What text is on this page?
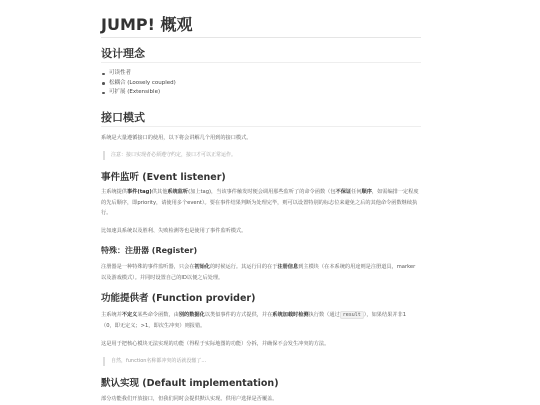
JUMP! 概观
设计理念
可读性者
松耦合 (Loosely coupled)
可扩展 (Extensible)
接口模式

系统是大量遵循接口的使用，以下将会讲解几个用到的接口模式。

注意：接口实现者必须遵守约定，接口才可以正常运作。
事件监听 (Event listener)

主系统提供事件(tag)供其他系统监听(加上tag)，当该事件触发时便会调用那些监听了的命令函数（包不保证任何顺序，如需编排一定程度的先后顺序，即priority，请使用多个event）。要在事件结果判断为处理完毕，则可以设置特别的标志位来避免之后的其他命令函数继续执行。

比如速具系统以及胜利、失败检测等也是使用了事件监听模式。

特殊：注册器 (Register)

注册器是一种特殊的事件监听器，只会在初始化的时候运行。其运行目的在于注册信息到主模块（在本系统的用途则是注册道具，marker以及游戏模式）。并同时设置自己的ID以便之后处理。

功能提供者 (Function provider)

主系统并不定义某些命令函数，由别的数据化以类似事件的方式提供，并在系统加载时检测执行数（通过 result ），如果结果并非1（0，即无定义；>1，即次生冲突）则报错。

这是用于把核心模块无法实现的功能（得程于实际地图的功能）分拆，并确保不会发生冲突的方法。

自然，function名称都冲突的话就没辙了...
默认实现 (Default implementation)

部分功能我们开放接口，但我们同时会提供默认实现。供用户选择是否覆盖。
